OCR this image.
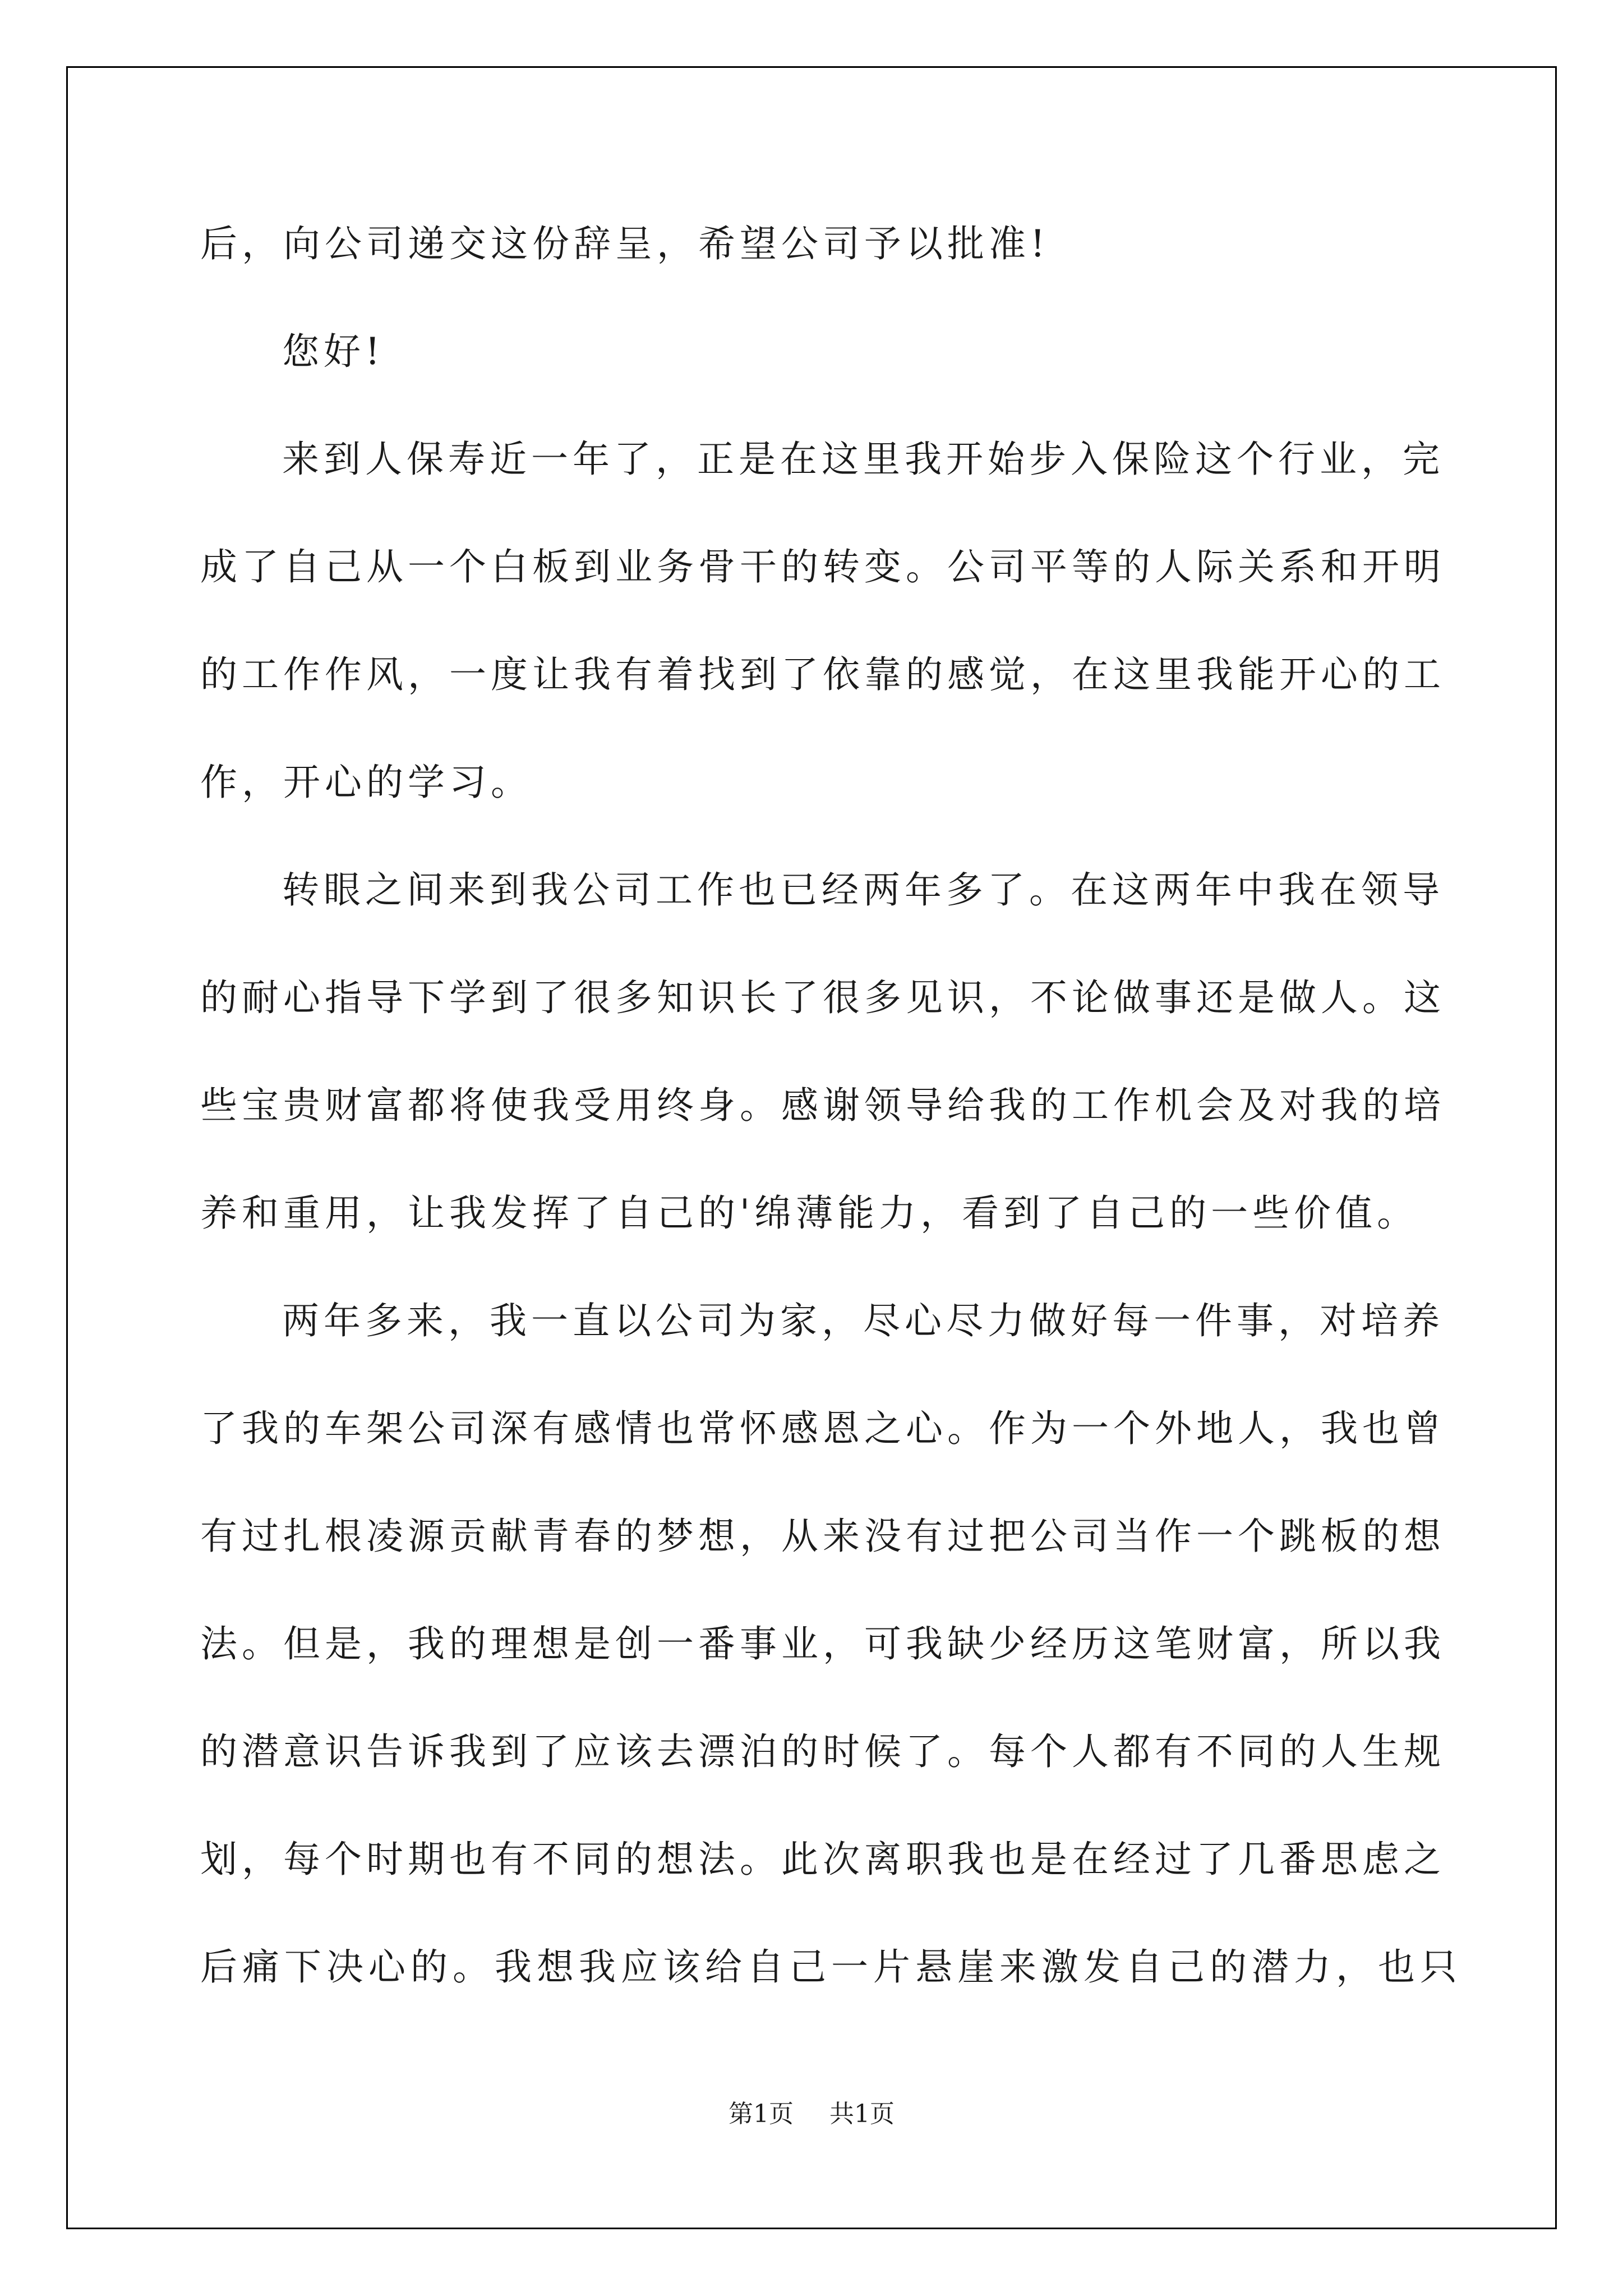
后，向公司递交这份辞呈，希望公司予以批准!
您好!
来到人保寿近一年了，正是在这里我开始步入保险这个行业，完
成了自己从一个白板到业务骨干的转变。公司平等的人际关系和开明
的工作作风，一度让我有着找到了依靠的感觉，在这里我能开心的工
作，开心的学习。
转眼之间来到我公司工作也已经两年多了。在这两年中我在领导
的耐心指导下学到了很多知识长了很多见识，不论做事还是做人。这
些宝贵财富都将使我受用终身。感谢领导给我的工作机会及对我的培
养和重用，让我发挥了自己的'绵薄能力，看到了自己的一些价值。
两年多来，我一直以公司为家，尽心尽力做好每一件事，对培养
了我的车架公司深有感情也常怀感恩之心。作为一个外地人，我也曾
有过扎根凌源贡献青春的梦想，从来没有过把公司当作一个跳板的想
法。但是，我的理想是创一番事业，可我缺少经历这笔财富，所以我
的潜意识告诉我到了应该去漂泊的时候了。每个人都有不同的人生规
划，每个时期也有不同的想法。此次离职我也是在经过了几番思虑之
后痛下决心的。我想我应该给自己一片悬崖来激发自己的潜力，也只
第1页 共1页
